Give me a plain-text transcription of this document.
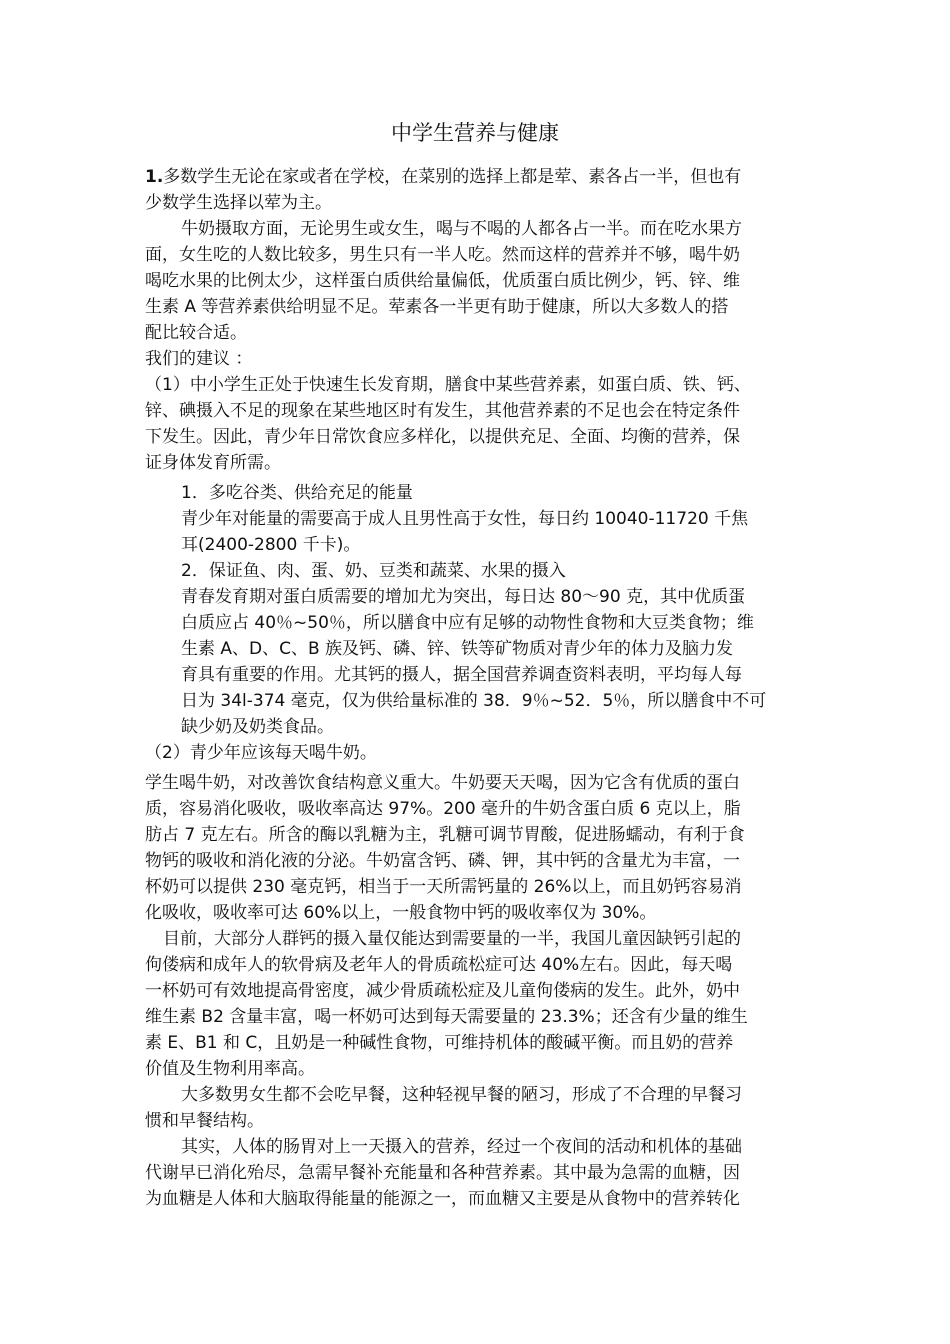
中学生营养与健康
1.多数学生无论在家或者在学校，在菜别的选择上都是荤、素各占一半，但也有
少数学生选择以荤为主。
牛奶摄取方面，无论男生或女生，喝与不喝的人都各占一半。而在吃水果方
面，女生吃的人数比较多，男生只有一半人吃。然而这样的营养并不够，喝牛奶
喝吃水果的比例太少，这样蛋白质供给量偏低，优质蛋白质比例少，钙、锌、维
生素 A 等营养素供给明显不足。荤素各一半更有助于健康，所以大多数人的搭
配比较合适。
我们的建议 ：
（1）中小学生正处于快速生长发育期，膳食中某些营养素，如蛋白质、铁、钙、
锌、碘摄入不足的现象在某些地区时有发生，其他营养素的不足也会在特定条件
下发生。因此，青少年日常饮食应多样化，以提供充足、全面、均衡的营养，保
证身体发育所需。
1．多吃谷类、供给充足的能量
青少年对能量的需要高于成人且男性高于女性，每日约 10040-11720 千焦
耳(2400-2800 千卡)。
2．保证鱼、肉、蛋、奶、豆类和蔬菜、水果的摄入
青春发育期对蛋白质需要的增加尤为突出，每日达 80～90 克，其中优质蛋
白质应占 40％~50％，所以膳食中应有足够的动物性食物和大豆类食物；维
生素 A、D、C、B 族及钙、磷、锌、铁等矿物质对青少年的体力及脑力发
育具有重要的作用。尤其钙的摄人，据全国营养调查资料表明，平均每人每
日为 34l-374 毫克，仅为供给量标准的 38．9％~52．5％，所以膳食中不可
缺少奶及奶类食品。
（2）青少年应该每天喝牛奶。
学生喝牛奶，对改善饮食结构意义重大。牛奶要天天喝，因为它含有优质的蛋白
质，容易消化吸收，吸收率高达 97%。200 毫升的牛奶含蛋白质 6 克以上，脂
肪占 7 克左右。所含的酶以乳糖为主，乳糖可调节胃酸，促进肠蠕动，有利于食
物钙的吸收和消化液的分泌。牛奶富含钙、磷、钾，其中钙的含量尤为丰富，一
杯奶可以提供 230 毫克钙，相当于一天所需钙量的 26%以上，而且奶钙容易消
化吸收，吸收率可达 60%以上，一般食物中钙的吸收率仅为 30%。
目前，大部分人群钙的摄入量仅能达到需要量的一半，我国儿童因缺钙引起的
佝偻病和成年人的软骨病及老年人的骨质疏松症可达 40%左右。因此，每天喝
一杯奶可有效地提高骨密度，减少骨质疏松症及儿童佝偻病的发生。此外，奶中
维生素 B2 含量丰富，喝一杯奶可达到每天需要量的 23.3%；还含有少量的维生
素 E、B1 和 C，且奶是一种碱性食物，可维持机体的酸碱平衡。而且奶的营养
价值及生物利用率高。
大多数男女生都不会吃早餐，这种轻视早餐的陋习，形成了不合理的早餐习
惯和早餐结构。
其实，人体的肠胃对上一天摄入的营养，经过一个夜间的活动和机体的基础
代谢早已消化殆尽，急需早餐补充能量和各种营养素。其中最为急需的血糖，因
为血糖是人体和大脑取得能量的能源之一，而血糖又主要是从食物中的营养转化
